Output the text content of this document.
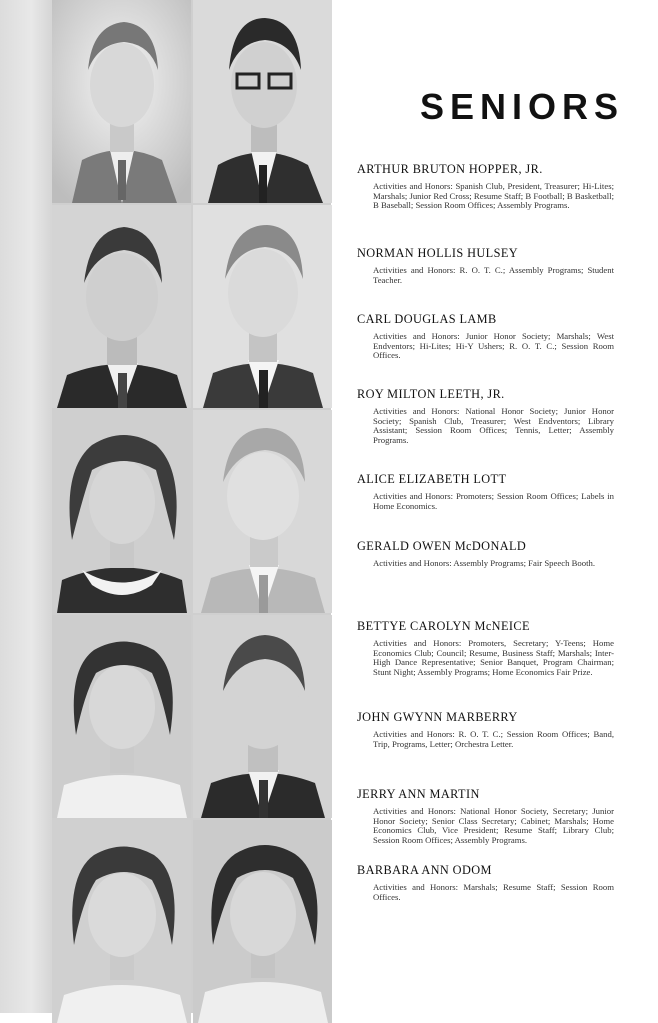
SENIORS
ARTHUR BRUTON HOPPER, JR.
Activities and Honors: Spanish Club, President, Treasurer; Hi-Lites; Marshals; Junior Red Cross; Resume Staff; B Football; B Basketball; B Baseball; Session Room Offices; Assembly Programs.
NORMAN HOLLIS HULSEY
Activities and Honors: R. O. T. C.; Assembly Programs; Student Teacher.
CARL DOUGLAS LAMB
Activities and Honors: Junior Honor Society; Marshals; West Endventors; Hi-Lites; Hi-Y Ushers; R. O. T. C.; Session Room Offices.
ROY MILTON LEETH, JR.
Activities and Honors: National Honor Society; Junior Honor Society; Spanish Club, Treasurer; West Endventors; Library Assistant; Session Room Offices; Tennis, Letter; Assembly Programs.
ALICE ELIZABETH LOTT
Activities and Honors: Promoters; Session Room Offices; Labels in Home Economics.
GERALD OWEN McDONALD
Activities and Honors: Assembly Programs; Fair Speech Booth.
BETTYE CAROLYN McNEICE
Activities and Honors: Promoters, Secretary; Y-Teens; Home Economics Club; Council; Resume, Business Staff; Marshals; Inter-High Dance Representative; Senior Banquet, Program Chairman; Stunt Night; Assembly Programs; Home Economics Fair Prize.
JOHN GWYNN MARBERRY
Activities and Honors: R. O. T. C.; Session Room Offices; Band, Trip, Programs, Letter; Orchestra Letter.
JERRY ANN MARTIN
Activities and Honors: National Honor Society, Secretary; Junior Honor Society; Senior Class Secretary; Cabinet; Marshals; Home Economics Club, Vice President; Resume Staff; Library Club; Session Room Offices; Assembly Programs.
BARBARA ANN ODOM
Activities and Honors: Marshals; Resume Staff; Session Room Offices.
